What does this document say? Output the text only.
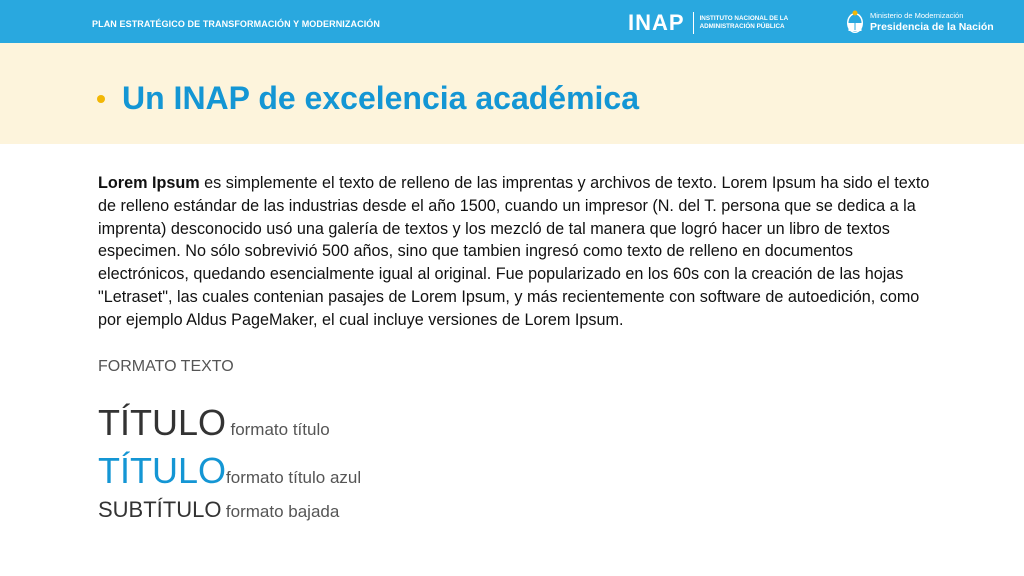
PLAN ESTRATÉGICO DE TRANSFORMACIÓN Y MODERNIZACIÓN	INAP INSTITUTO NACIONAL DE LA
ADMINISTRACIÓN PÚBLICA
Ministerio de Modernización
Presidencia de la Nación
Un INAP de excelencia académica
Lorem Ipsum es simplemente el texto de relleno de las imprentas y archivos de texto. Lorem Ipsum ha sido el texto de relleno estándar de las industrias desde el año 1500, cuando un impresor (N. del T. persona que se dedica a la imprenta) desconocido usó una galería de textos y los mezcló de tal manera que logró hacer un libro de textos especimen. No sólo sobrevivió 500 años, sino que tambien ingresó como texto de relleno en documentos electrónicos, quedando esencialmente igual al original. Fue popularizado en los 60s con la creación de las hojas "Letraset", las cuales contenian pasajes de Lorem Ipsum, y más recientemente con software de autoedición, como por ejemplo Aldus PageMaker, el cual incluye versiones de Lorem Ipsum.
FORMATO TEXTO
TÍTULO formato título
TÍTULOformato título azul
SUBTÍTULO formato bajada
